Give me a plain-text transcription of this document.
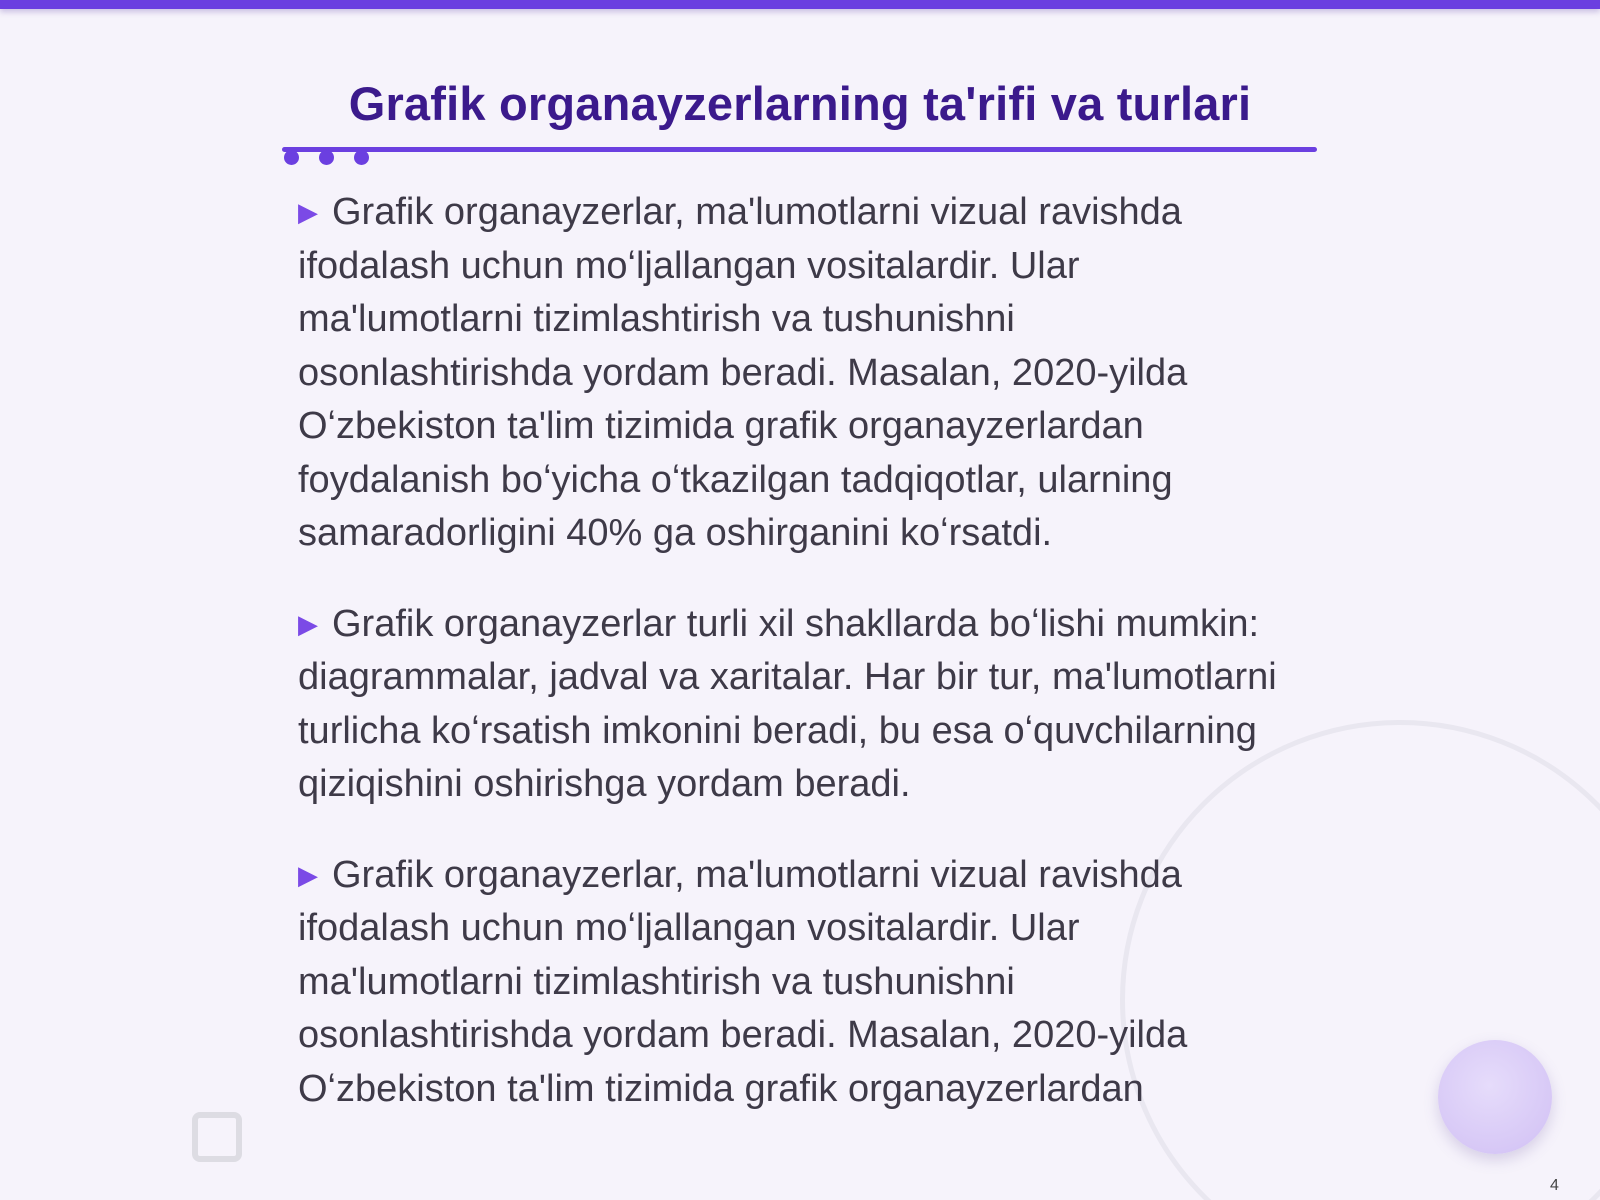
Grafik organayzerlarning ta'rifi va turlari

▶ Grafik organayzerlar, ma'lumotlarni vizual ravishda ifodalash uchun moʻljallangan vositalardir. Ular ma'lumotlarni tizimlashtirish va tushunishni osonlashtirishda yordam beradi. Masalan, 2020-yilda Oʻzbekiston ta'lim tizimida grafik organayzerlardan foydalanish boʻyicha oʻtkazilgan tadqiqotlar, ularning samaradorligini 40% ga oshirganini koʻrsatdi.

▶ Grafik organayzerlar turli xil shakllarda boʻlishi mumkin: diagrammalar, jadval va xaritalar. Har bir tur, ma'lumotlarni turlicha koʻrsatish imkonini beradi, bu esa oʻquvchilarning qiziqishini oshirishga yordam beradi.

▶ Grafik organayzerlar, ma'lumotlarni vizual ravishda ifodalash uchun moʻljallangan vositalardir. Ular ma'lumotlarni tizimlashtirish va tushunishni osonlashtirishda yordam beradi. Masalan, 2020-yilda Oʻzbekiston ta'lim tizimida grafik organayzerlardan

4
